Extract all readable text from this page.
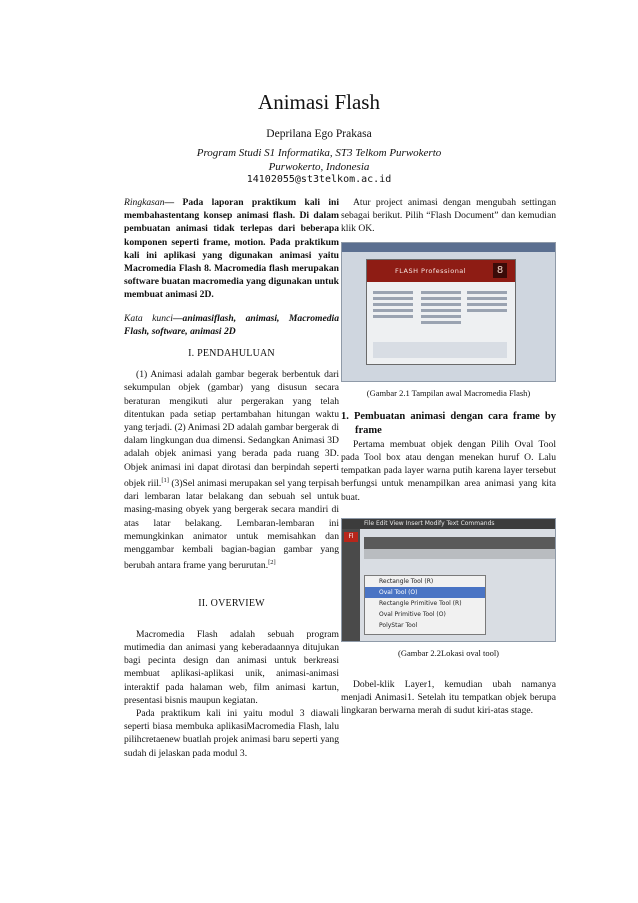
Animasi Flash
Deprilana Ego Prakasa
Program Studi S1 Informatika, ST3 Telkom Purwokerto
Purwokerto, Indonesia
14102055@st3telkom.ac.id

Ringkasan— Pada laporan praktikum kali ini membahastentang konsep animasi flash. Di dalam pembuatan animasi tidak terlepas dari beberapa komponen seperti frame, motion. Pada praktikum kali ini aplikasi yang digunakan animasi yaitu Macromedia Flash 8. Macromedia flash merupakan software buatan macromedia yang digunakan untuk membuat animasi 2D.

Kata kunci—animasiflash, animasi, Macromedia Flash, software, animasi 2D

I. PENDAHULUAN

(1) Animasi adalah gambar begerak berbentuk dari sekumpulan objek (gambar) yang disusun secara beraturan mengikuti alur pergerakan yang telah ditentukan pada setiap pertambahan hitungan waktu yang terjadi. (2) Animasi 2D adalah gambar bergerak di dalam lingkungan dua dimensi. Sedangkan Animasi 3D adalah objek animasi yang berada pada ruang 3D. Objek animasi ini dapat dirotasi dan berpindah seperti objek riil.[1] (3)Sel animasi merupakan sel yang terpisah dari lembaran latar belakang dan sebuah sel untuk masing-masing obyek yang bergerak secara mandiri di atas latar belakang. Lembaran-lembaran ini memungkinkan animator untuk memisahkan dan menggambar kembali bagian-bagian gambar yang berubah antara frame yang berurutan.[2]

II. OVERVIEW

Macromedia Flash adalah sebuah program mutimedia dan animasi yang keberadaannya ditujukan bagi pecinta design dan animasi untuk berkreasi membuat aplikasi-aplikasi unik, animasi-animasi interaktif pada halaman web, film animasi kartun, presentasi bisnis maupun kegiatan.

Pada praktikum kali ini yaitu modul 3 diawali seperti biasa membuka aplikasiMacromedia Flash, lalu pilihcretaenew buatlah projek animasi baru seperti yang sudah di jelaskan pada modul 3.

Atur project animasi dengan mengubah settingan sebagai berikut. Pilih “Flash Document” dan kemudian klik OK.

FLASH Professional	8
(Gambar 2.1 Tampilan awal Macromedia Flash)
1. Pembuatan animasi dengan cara frame by frame

Pertama membuat objek dengan Pilih Oval Tool pada Tool box atau dengan menekan huruf O. Lalu tempatkan pada layer warna putih karena layer tersebut berfungsi untuk menampilkan area animasi yang kita buat.

File Edit View Insert Modify Text Commands
Fl
Rectangle Tool (R)
Oval Tool (O)
Rectangle Primitive Tool (R)
Oval Primitive Tool (O)
PolyStar Tool
(Gambar 2.2Lokasi oval tool)

Dobel-klik Layer1, kemudian ubah namanya menjadi Animasi1. Setelah itu tempatkan objek berupa lingkaran berwarna merah di sudut kiri-atas stage.
